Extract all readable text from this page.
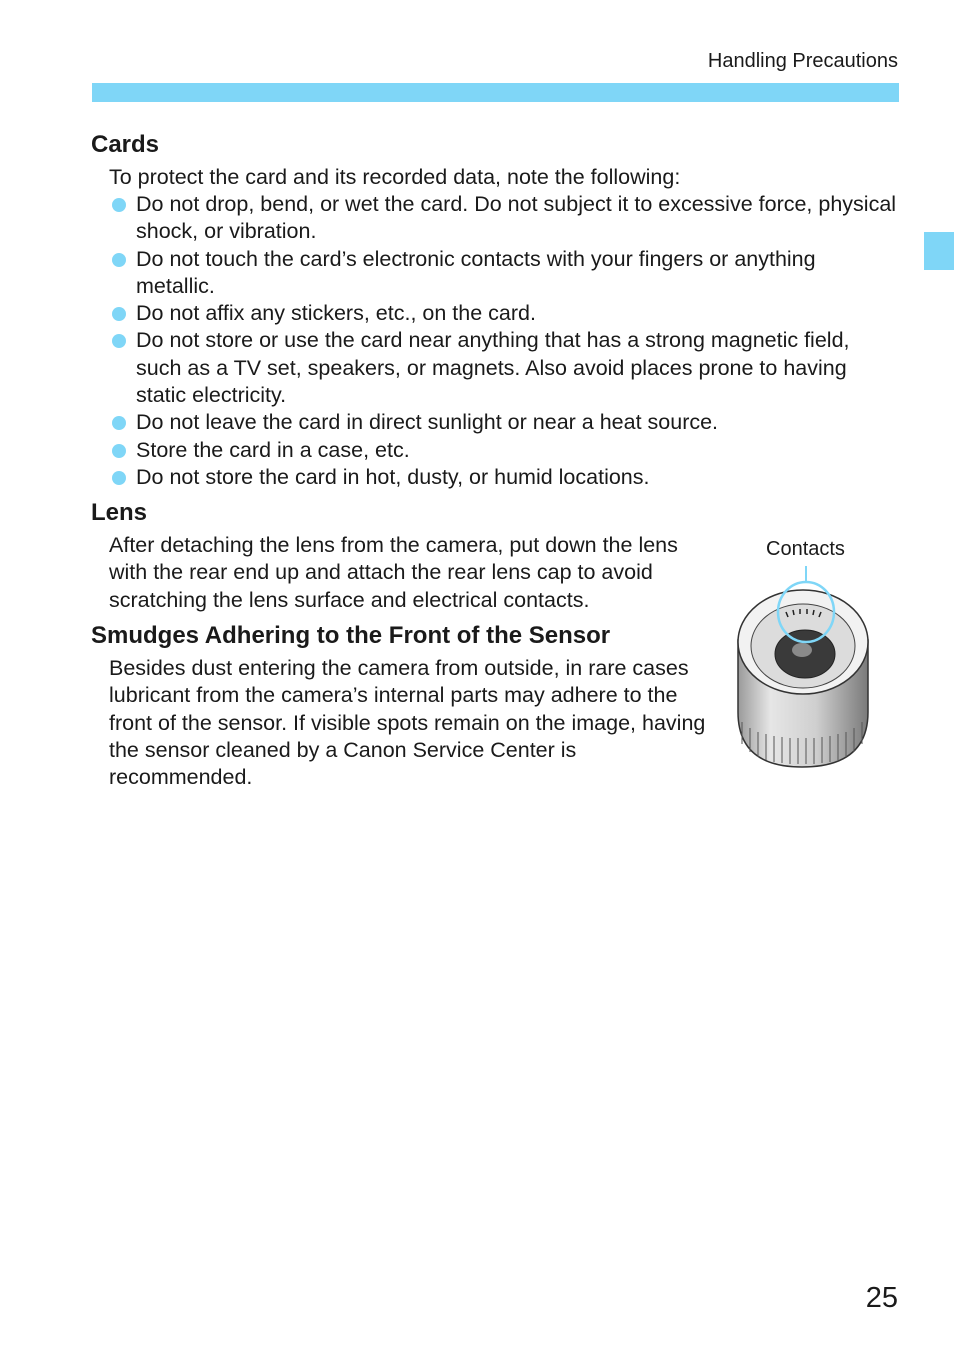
Handling Precautions
Cards
To protect the card and its recorded data, note the following:
Do not drop, bend, or wet the card. Do not subject it to excessive force, physical shock, or vibration.
Do not touch the card’s electronic contacts with your fingers or anything metallic.
Do not affix any stickers, etc., on the card.
Do not store or use the card near anything that has a strong magnetic field, such as a TV set, speakers, or magnets. Also avoid places prone to having static electricity.
Do not leave the card in direct sunlight or near a heat source.
Store the card in a case, etc.
Do not store the card in hot, dusty, or humid locations.
Lens
After detaching the lens from the camera, put down the lens with the rear end up and attach the rear lens cap to avoid scratching the lens surface and electrical contacts.
Smudges Adhering to the Front of the Sensor
Besides dust entering the camera from outside, in rare cases lubricant from the camera’s internal parts may adhere to the front of the sensor. If visible spots remain on the image, having the sensor cleaned by a Canon Service Center is recommended.
Contacts
25
